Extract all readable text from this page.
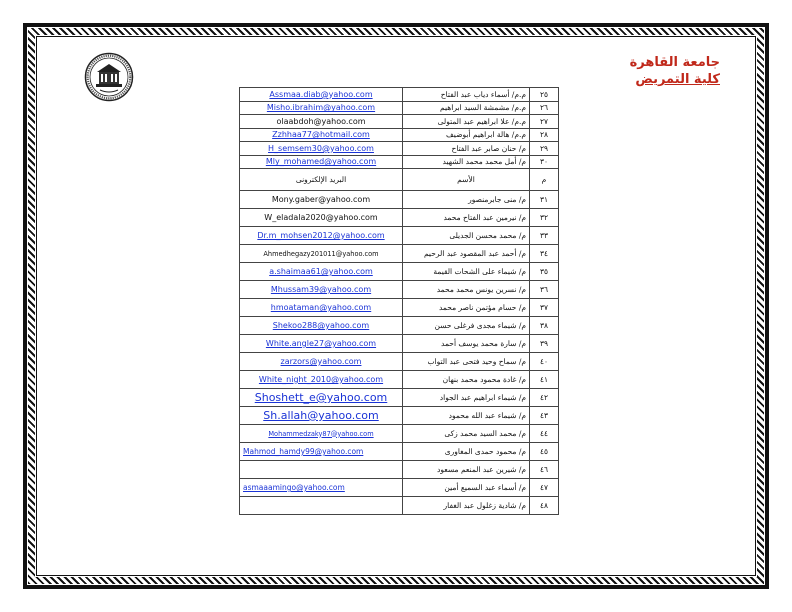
جامعة القاهرة
كلية التمريض
Assmaa.diab@yahoo.com	م.م/ أسماء دياب عبد الفتاح	٢٥
Misho.ibrahim@yahoo.com	م.م/ مشمشة السيد ابراهيم	٢٦
olaabdoh@yahoo.com	م.م/ علا ابراهيم عبد المتولى	٢٧
Zzhhaa77@hotmail.com	م.م/ هالة ابراهيم أبوضيف	٢٨
H_semsem30@yahoo.com	م/ حنان صابر عبد الفتاح	٢٩
Mly_mohamed@yahoo.com	م/ أمل محمد محمد الشهيد	٣٠
البريد الإلكترونى	الأسم	م
Mony.gaber@yahoo.com	م/ منى جابرمنصور	٣١
W_eladala2020@yahoo.com	م/ نيرمين عبد الفتاح محمد	٣٢
Dr.m_mohsen2012@yahoo.com	م/ محمد محسن الجديلى	٣٣
Ahmedhegazy201011@yahoo.com	م/ أحمد عبد المقصود عبد الرحيم	٣٤
a.shaimaa61@yahoo.com	م/ شيماء على الشحات القيمة	٣٥
Mhussam39@yahoo.com	م/ نسرين يونس محمد محمد	٣٦
hmoataman@yahoo.com	م/ حسام مؤتمن ناصر محمد	٣٧
Shekoo288@yahoo.com	م/ شيماء مجدى فرغلى حسن	٣٨
White.angle27@yahoo.com	م/ سارة محمد يوسف أحمد	٣٩
zarzors@yahoo.com	م/ سماح وحيد فتحى عبد التواب	٤٠
White_night_2010@yahoo.com	م/ غادة محمود محمد بنهان	٤١
Shoshett_e@yahoo.com	م/ شيماء ابراهيم عبد الجواد	٤٢
Sh.allah@yahoo.com	م/ شيماء عبد الله محمود	٤٣
Mohammedzaky87@yahoo.com	م/ محمد السيد محمد زكى	٤٤
Mahmod_hamdy99@yahoo.com	م/ محمود حمدى المغاورى	٤٥
	م/ شيرين عبد المنعم مسعود	٤٦
asmaaamingo@yahoo.com	م/ أسماء عبد السميع أمين	٤٧
	م/ شادية زغلول عبد الغفار	٤٨
